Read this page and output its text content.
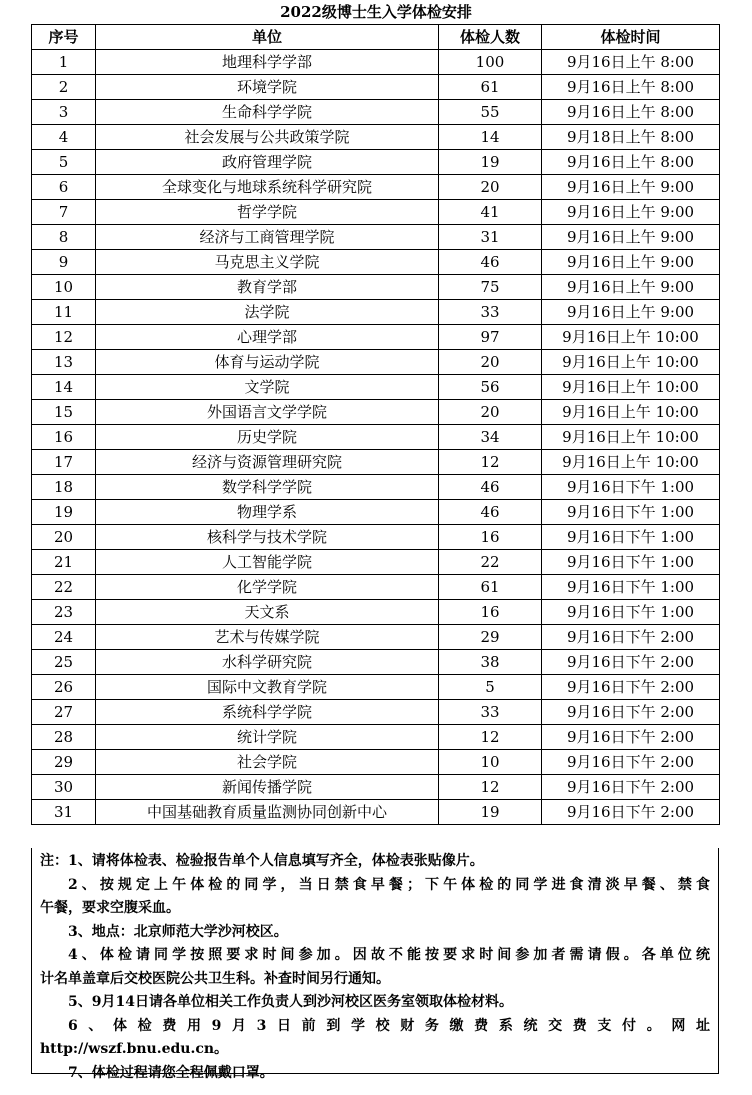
2022级博士生入学体检安排
序号	单位	体检人数	体检时间
1	地理科学学部	100	9月16日上午 8:00
2	环境学院	61	9月16日上午 8:00
3	生命科学学院	55	9月16日上午 8:00
4	社会发展与公共政策学院	14	9月18日上午 8:00
5	政府管理学院	19	9月16日上午 8:00
6	全球变化与地球系统科学研究院	20	9月16日上午 9:00
7	哲学学院	41	9月16日上午 9:00
8	经济与工商管理学院	31	9月16日上午 9:00
9	马克思主义学院	46	9月16日上午 9:00
10	教育学部	75	9月16日上午 9:00
11	法学院	33	9月16日上午 9:00
12	心理学部	97	9月16日上午 10:00
13	体育与运动学院	20	9月16日上午 10:00
14	文学院	56	9月16日上午 10:00
15	外国语言文学学院	20	9月16日上午 10:00
16	历史学院	34	9月16日上午 10:00
17	经济与资源管理研究院	12	9月16日上午 10:00
18	数学科学学院	46	9月16日下午 1:00
19	物理学系	46	9月16日下午 1:00
20	核科学与技术学院	16	9月16日下午 1:00
21	人工智能学院	22	9月16日下午 1:00
22	化学学院	61	9月16日下午 1:00
23	天文系	16	9月16日下午 1:00
24	艺术与传媒学院	29	9月16日下午 2:00
25	水科学研究院	38	9月16日下午 2:00
26	国际中文教育学院	5	9月16日下午 2:00
27	系统科学学院	33	9月16日下午 2:00
28	统计学院	12	9月16日下午 2:00
29	社会学院	10	9月16日下午 2:00
30	新闻传播学院	12	9月16日下午 2:00
31	中国基础教育质量监测协同创新中心	19	9月16日下午 2:00

注：1、请将体检表、检验报告单个人信息填写齐全，体检表张贴像片。

2、按规定上午体检的同学，当日禁食早餐；下午体检的同学进食清淡早餐、禁食

午餐，要求空腹采血。

3、地点：北京师范大学沙河校区。

4、体检请同学按照要求时间参加。因故不能按要求时间参加者需请假。各单位统

计名单盖章后交校医院公共卫生科。补查时间另行通知。

5、9月14日请各单位相关工作负责人到沙河校区医务室领取体检材料。

6、体检费用9月3日前到学校财务缴费系统交费支付。网址

http://wszf.bnu.edu.cn。

7、体检过程请您全程佩戴口罩。
